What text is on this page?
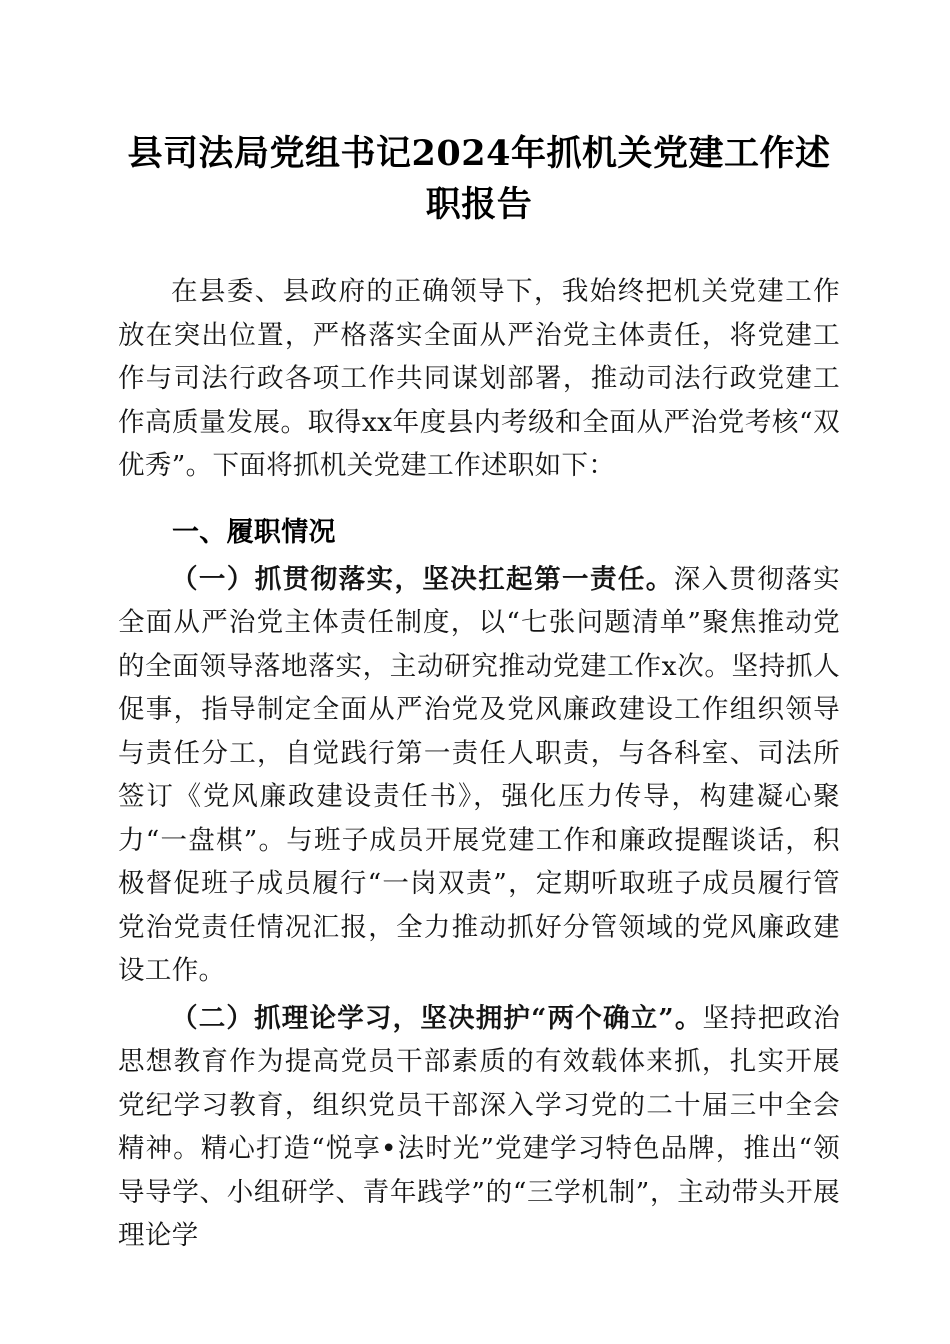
县司法局党组书记2024年抓机关党建工作述职报告

在县委、县政府的正确领导下，我始终把机关党建工作放在突出位置，严格落实全面从严治党主体责任，将党建工作与司法行政各项工作共同谋划部署，推动司法行政党建工作高质量发展。取得xx年度县内考级和全面从严治党考核“双优秀”。下面将抓机关党建工作述职如下：

一、履职情况

（一）抓贯彻落实，坚决扛起第一责任。深入贯彻落实全面从严治党主体责任制度，以“七张问题清单”聚焦推动党的全面领导落地落实，主动研究推动党建工作x次。坚持抓人促事，指导制定全面从严治党及党风廉政建设工作组织领导与责任分工，自觉践行第一责任人职责，与各科室、司法所签订《党风廉政建设责任书》，强化压力传导，构建凝心聚力“一盘棋”。与班子成员开展党建工作和廉政提醒谈话，积极督促班子成员履行“一岗双责”，定期听取班子成员履行管党治党责任情况汇报，全力推动抓好分管领域的党风廉政建设工作。

（二）抓理论学习，坚决拥护“两个确立”。坚持把政治思想教育作为提高党员干部素质的有效载体来抓，扎实开展党纪学习教育，组织党员干部深入学习党的二十届三中全会精神。精心打造“悦享•法时光”党建学习特色品牌，推出“领导导学、小组研学、青年践学”的“三学机制”，主动带头开展理论学
